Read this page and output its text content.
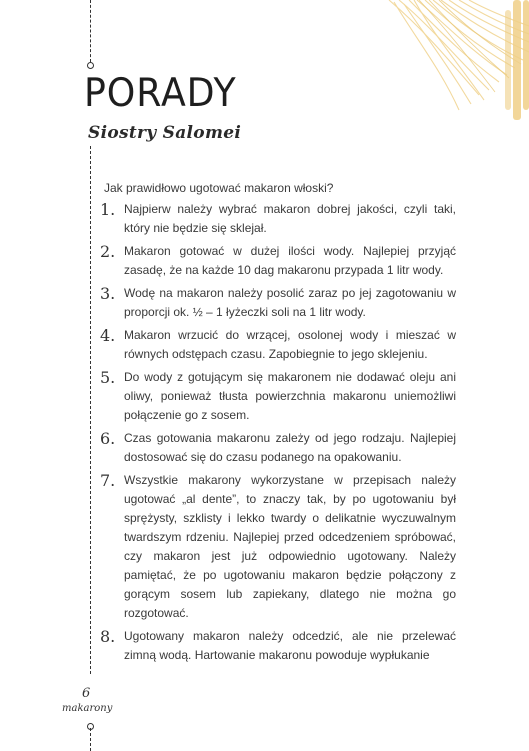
PORADY
Siostry Salomei

Jak prawidłowo ugotować makaron włoski?

1. Najpierw należy wybrać makaron dobrej jakości, czyli taki, który nie będzie się sklejał.
2. Makaron gotować w dużej ilości wody. Najlepiej przyjąć zasadę, że na każde 10 dag makaronu przypada 1 litr wody.
3. Wodę na makaron należy posolić zaraz po jej zagotowaniu w proporcji ok. ½ – 1 łyżeczki soli na 1 litr wody.
4. Makaron wrzucić do wrzącej, osolonej wody i mieszać w równych odstępach czasu. Zapobiegnie to jego sklejeniu.
5. Do wody z gotującym się makaronem nie dodawać oleju ani oliwy, ponieważ tłusta powierzchnia makaronu uniemożliwi połączenie go z sosem.
6. Czas gotowania makaronu zależy od jego rodzaju. Najlepiej dostosować się do czasu podanego na opakowaniu.
7. Wszystkie makarony wykorzystane w przepisach należy ugotować „al dente”, to znaczy tak, by po ugotowaniu był sprężysty, szklisty i lekko twardy o delikatnie wyczuwalnym twardszym rdzeniu. Najlepiej przed odcedzeniem spróbować, czy makaron jest już odpowiednio ugotowany. Należy pamiętać, że po ugotowaniu makaron będzie połączony z gorącym sosem lub zapiekany, dlatego nie można go rozgotować.
8. Ugotowany makaron należy odcedzić, ale nie przelewać zimną wodą. Hartowanie makaronu powoduje wypłukanie
6
makarony
